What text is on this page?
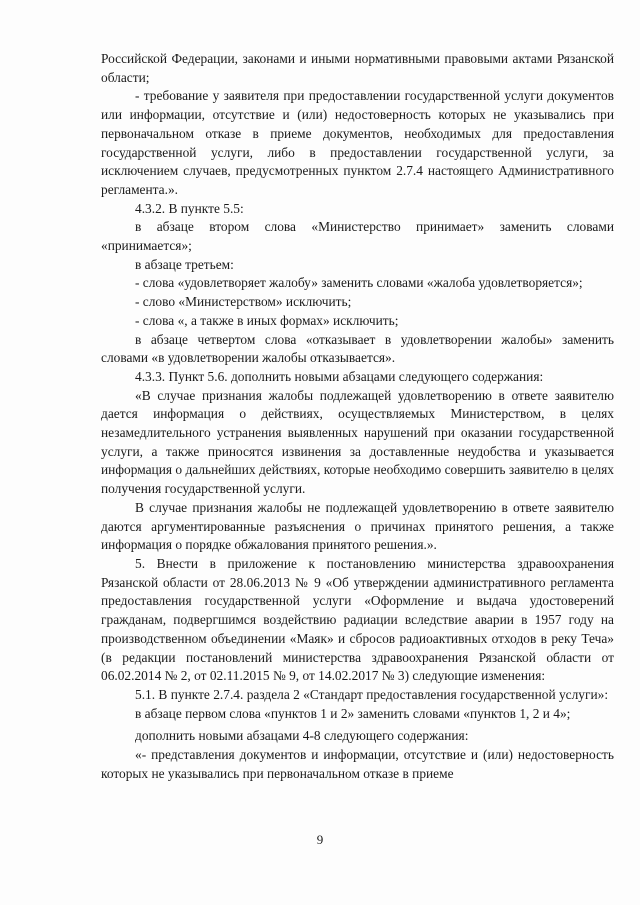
Российской Федерации, законами и иными нормативными правовыми актами Рязанской области;

- требование у заявителя при предоставлении государственной услуги документов или информации, отсутствие и (или) недостоверность которых не указывались при первоначальном отказе в приеме документов, необходимых для предоставления государственной услуги, либо в предоставлении государственной услуги, за исключением случаев, предусмотренных пунктом 2.7.4 настоящего Административного регламента.».

4.3.2. В пункте 5.5:

в абзаце втором слова «Министерство принимает» заменить словами «принимается»;

в абзаце третьем:

- слова «удовлетворяет жалобу» заменить словами «жалоба удовлетворяется»;

- слово «Министерством» исключить;

- слова «, а также в иных формах» исключить;

в абзаце четвертом слова «отказывает в удовлетворении жалобы» заменить словами «в удовлетворении жалобы отказывается».

4.3.3. Пункт 5.6. дополнить новыми абзацами следующего содержания:

«В случае признания жалобы подлежащей удовлетворению в ответе заявителю дается информация о действиях, осуществляемых Министерством, в целях незамедлительного устранения выявленных нарушений при оказании государственной услуги, а также приносятся извинения за доставленные неудобства и указывается информация о дальнейших действиях, которые необходимо совершить заявителю в целях получения государственной услуги.

В случае признания жалобы не подлежащей удовлетворению в ответе заявителю даются аргументированные разъяснения о причинах принятого решения, а также информация о порядке обжалования принятого решения.».

5. Внести в приложение к постановлению министерства здравоохранения Рязанской области от 28.06.2013 № 9 «Об утверждении административного регламента предоставления государственной услуги «Оформление и выдача удостоверений гражданам, подвергшимся воздействию радиации вследствие аварии в 1957 году на производственном объединении «Маяк» и сбросов радиоактивных отходов в реку Теча» (в редакции постановлений министерства здравоохранения Рязанской области от 06.02.2014 № 2, от 02.11.2015 № 9, от 14.02.2017 № 3) следующие изменения:

5.1. В пункте 2.7.4. раздела 2 «Стандарт предоставления государственной услуги»:

в абзаце первом слова «пунктов 1 и 2» заменить словами «пунктов 1, 2 и 4»;

дополнить новыми абзацами 4-8 следующего содержания:

«- представления документов и информации, отсутствие и (или) недостоверность которых не указывались при первоначальном отказе в приеме

9
